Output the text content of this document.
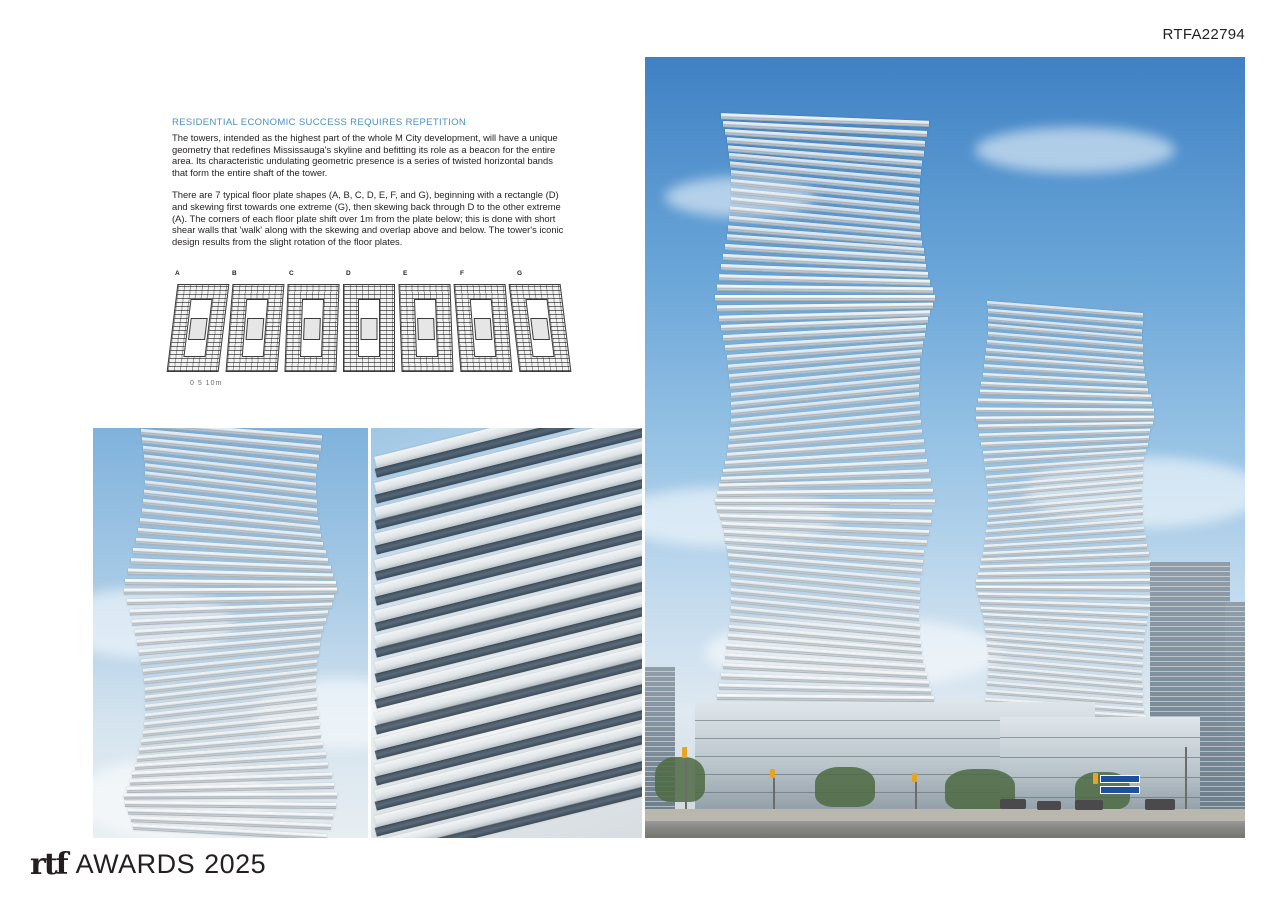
RTFA22794
RESIDENTIAL ECONOMIC SUCCESS REQUIRES REPETITION

The towers, intended as the highest part of the whole M City development, will have a unique geometry that redefines Mississauga's skyline and befitting its role as a beacon for the entire area. Its characteristic undulating geometric presence is a series of twisted horizontal bands that form the entire shaft of the tower.

There are 7 typical floor plate shapes (A, B, C, D, E, F, and G), beginning with a rectangle (D) and skewing first towards one extreme (G), then skewing back through D to the other extreme (A). The corners of each floor plate shift over 1m from the plate below; this is done with short shear walls that 'walk' along with the skewing and overlap above and below. The tower's iconic design results from the slight rotation of the floor plates.

A	B	C	D	E	F	G
0 5 10m
rtf AWARDS 2025
